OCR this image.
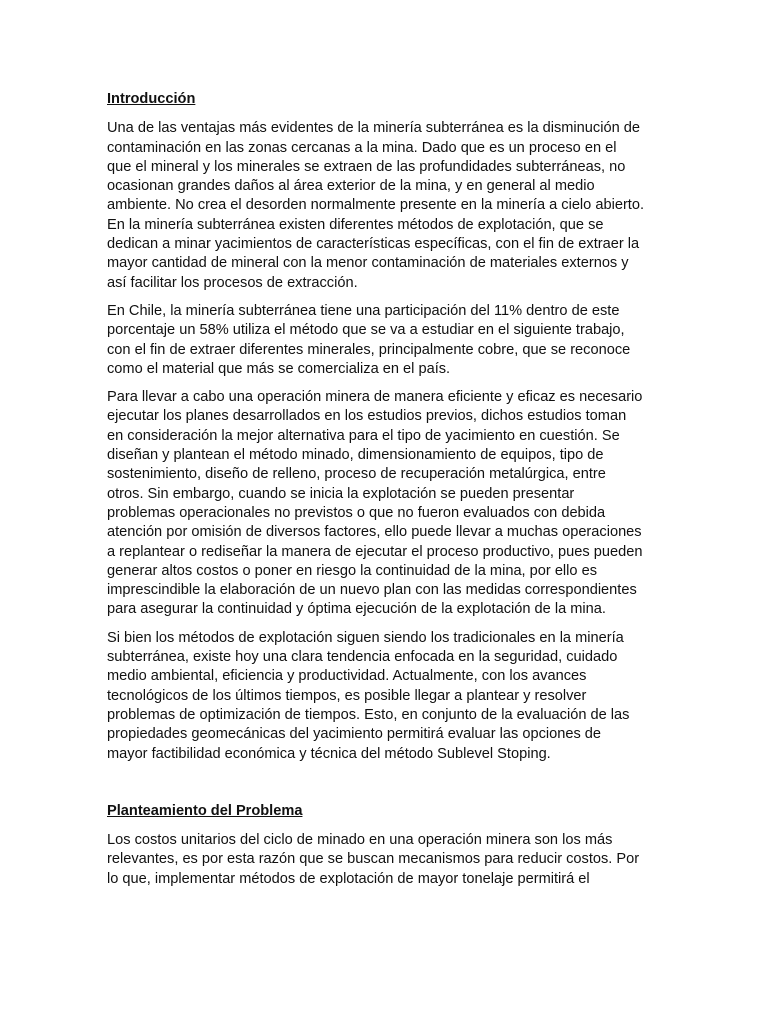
Introducción
Una de las ventajas más evidentes de la minería subterránea es la disminución de
contaminación en las zonas cercanas a la mina. Dado que es un proceso en el
que el mineral y los minerales se extraen de las profundidades subterráneas, no
ocasionan grandes daños al área exterior de la mina, y en general al medio
ambiente. No crea el desorden normalmente presente en la minería a cielo abierto.
En la minería subterránea existen diferentes métodos de explotación, que se
dedican a minar yacimientos de características específicas, con el fin de extraer la
mayor cantidad de mineral con la menor contaminación de materiales externos y
así facilitar los procesos de extracción.
En Chile, la minería subterránea tiene una participación del 11% dentro de este
porcentaje un 58% utiliza el método que se va a estudiar en el siguiente trabajo,
con el fin de extraer diferentes minerales, principalmente cobre, que se reconoce
como el material que más se comercializa en el país.
Para llevar a cabo una operación minera de manera eficiente y eficaz es necesario
ejecutar los planes desarrollados en los estudios previos, dichos estudios toman
en consideración la mejor alternativa para el tipo de yacimiento en cuestión. Se
diseñan y plantean el método minado, dimensionamiento de equipos, tipo de
sostenimiento, diseño de relleno, proceso de recuperación metalúrgica, entre
otros. Sin embargo, cuando se inicia la explotación se pueden presentar
problemas operacionales no previstos o que no fueron evaluados con debida
atención por omisión de diversos factores, ello puede llevar a muchas operaciones
a replantear o rediseñar la manera de ejecutar el proceso productivo, pues pueden
generar altos costos o poner en riesgo la continuidad de la mina, por ello es
imprescindible la elaboración de un nuevo plan con las medidas correspondientes
para asegurar la continuidad y óptima ejecución de la explotación de la mina.
Si bien los métodos de explotación siguen siendo los tradicionales en la minería
subterránea, existe hoy una clara tendencia enfocada en la seguridad, cuidado
medio ambiental, eficiencia y productividad. Actualmente, con los avances
tecnológicos de los últimos tiempos, es posible llegar a plantear y resolver
problemas de optimización de tiempos. Esto, en conjunto de la evaluación de las
propiedades geomecánicas del yacimiento permitirá evaluar las opciones de
mayor factibilidad económica y técnica del método Sublevel Stoping.
Planteamiento del Problema
Los costos unitarios del ciclo de minado en una operación minera son los más
relevantes, es por esta razón que se buscan mecanismos para reducir costos. Por
lo que, implementar métodos de explotación de mayor tonelaje permitirá el
